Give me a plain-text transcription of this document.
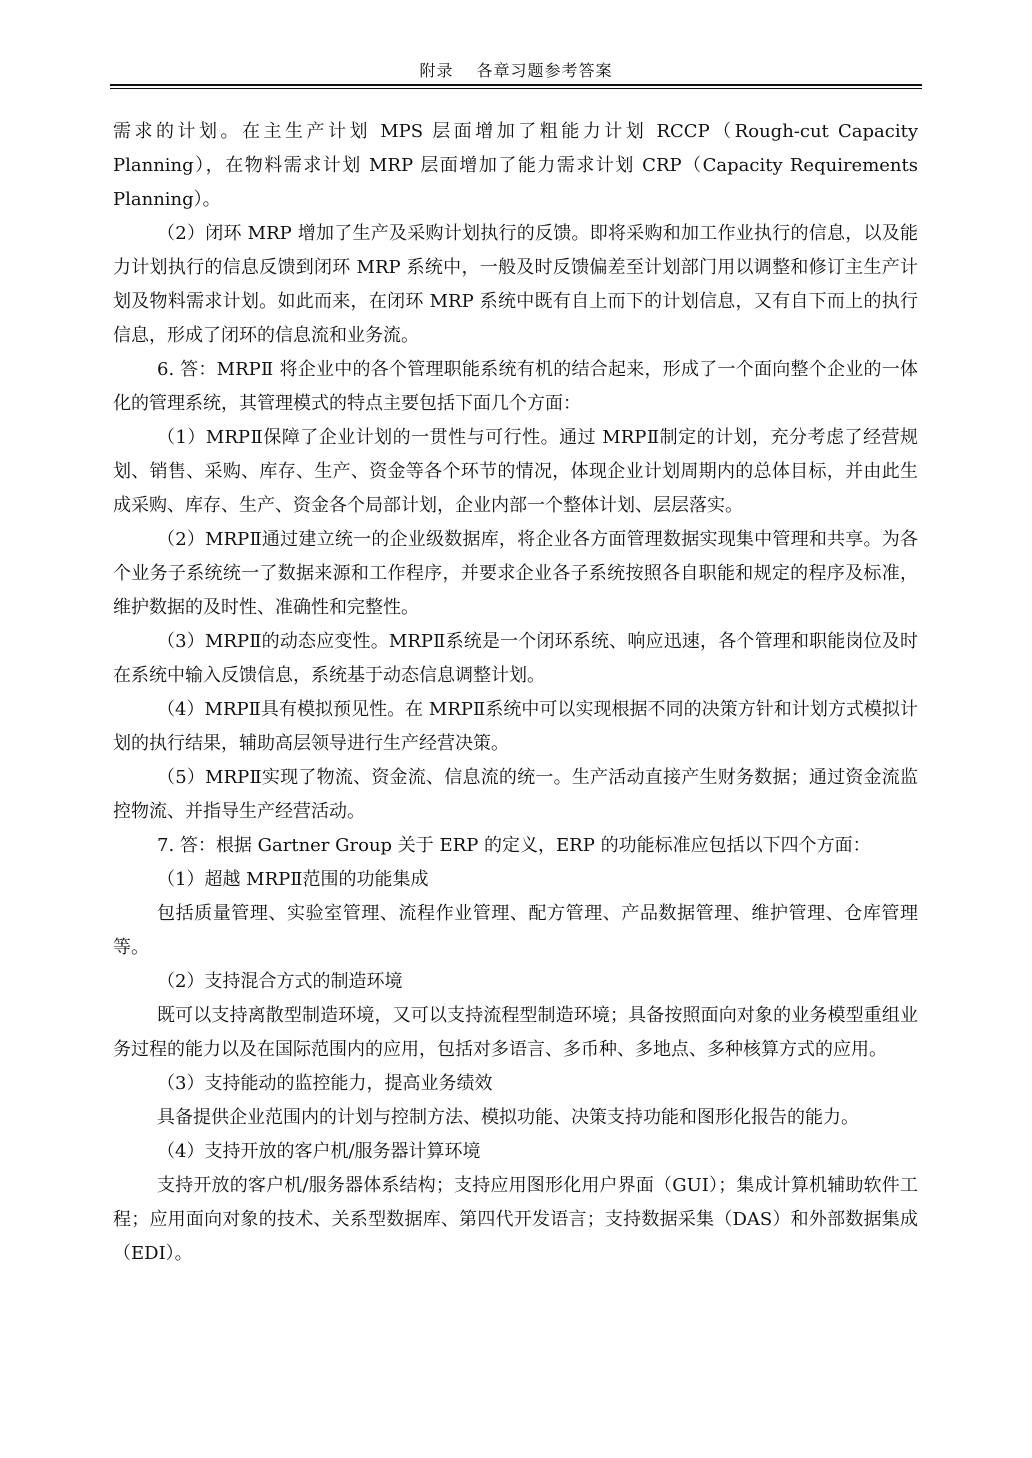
附录　 各章习题参考答案

需求的计划。在主生产计划 MPS 层面增加了粗能力计划 RCCP（Rough-cut Capacity Planning），在物料需求计划 MRP 层面增加了能力需求计划 CRP（Capacity Requirements Planning）。

（2）闭环 MRP 增加了生产及采购计划执行的反馈。即将采购和加工作业执行的信息，以及能力计划执行的信息反馈到闭环 MRP 系统中，一般及时反馈偏差至计划部门用以调整和修订主生产计划及物料需求计划。如此而来，在闭环 MRP 系统中既有自上而下的计划信息，又有自下而上的执行信息，形成了闭环的信息流和业务流。

6. 答：MRPⅡ 将企业中的各个管理职能系统有机的结合起来，形成了一个面向整个企业的一体化的管理系统，其管理模式的特点主要包括下面几个方面：

（1）MRPⅡ保障了企业计划的一贯性与可行性。通过 MRPⅡ制定的计划，充分考虑了经营规划、销售、采购、库存、生产、资金等各个环节的情况，体现企业计划周期内的总体目标，并由此生成采购、库存、生产、资金各个局部计划，企业内部一个整体计划、层层落实。

（2）MRPⅡ通过建立统一的企业级数据库，将企业各方面管理数据实现集中管理和共享。为各个业务子系统统一了数据来源和工作程序，并要求企业各子系统按照各自职能和规定的程序及标准，维护数据的及时性、准确性和完整性。

（3）MRPⅡ的动态应变性。MRPⅡ系统是一个闭环系统、响应迅速，各个管理和职能岗位及时在系统中输入反馈信息，系统基于动态信息调整计划。

（4）MRPⅡ具有模拟预见性。在 MRPⅡ系统中可以实现根据不同的决策方针和计划方式模拟计划的执行结果，辅助高层领导进行生产经营决策。

（5）MRPⅡ实现了物流、资金流、信息流的统一。生产活动直接产生财务数据；通过资金流监控物流、并指导生产经营活动。

7. 答：根据 Gartner Group 关于 ERP 的定义，ERP 的功能标准应包括以下四个方面：

（1）超越 MRPⅡ范围的功能集成

包括质量管理、实验室管理、流程作业管理、配方管理、产品数据管理、维护管理、仓库管理等。

（2）支持混合方式的制造环境

既可以支持离散型制造环境，又可以支持流程型制造环境；具备按照面向对象的业务模型重组业务过程的能力以及在国际范围内的应用，包括对多语言、多币种、多地点、多种核算方式的应用。

（3）支持能动的监控能力，提高业务绩效

具备提供企业范围内的计划与控制方法、模拟功能、决策支持功能和图形化报告的能力。

（4）支持开放的客户机/服务器计算环境

支持开放的客户机/服务器体系结构；支持应用图形化用户界面（GUI）；集成计算机辅助软件工程；应用面向对象的技术、关系型数据库、第四代开发语言；支持数据采集（DAS）和外部数据集成（EDI）。
